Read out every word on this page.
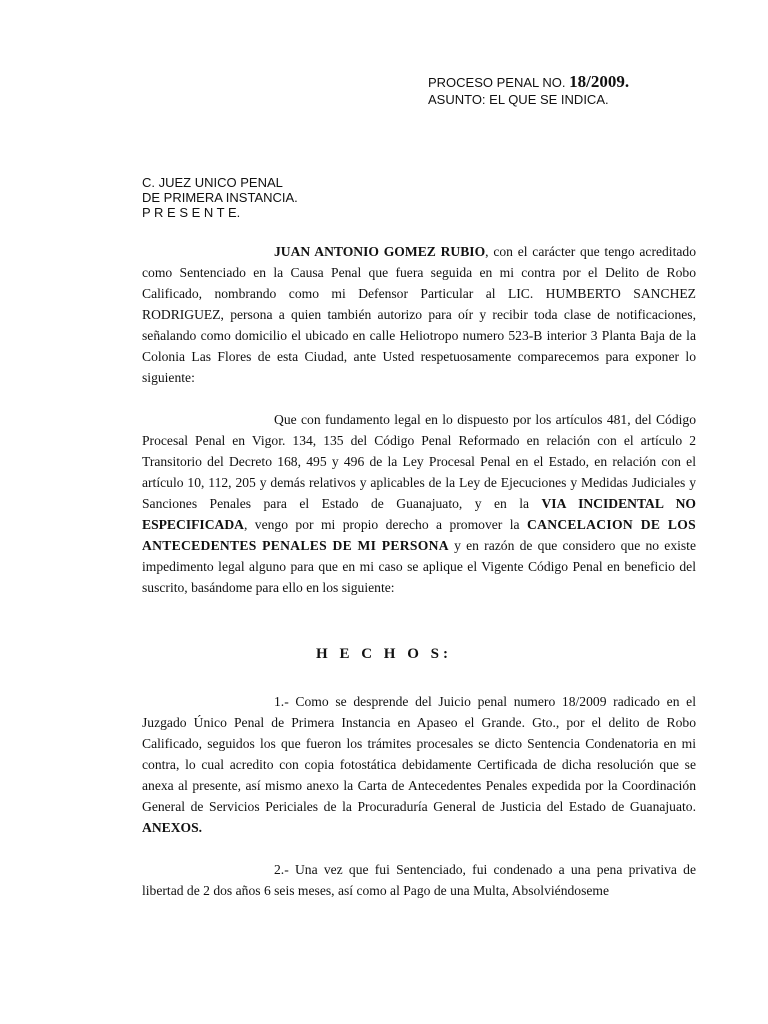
PROCESO PENAL NO. 18/2009.
ASUNTO: EL QUE SE INDICA.
C. JUEZ UNICO PENAL
DE PRIMERA INSTANCIA.
P R E S E N T E.
JUAN ANTONIO GOMEZ RUBIO, con el carácter que tengo acreditado como Sentenciado en la Causa Penal que fuera seguida en mi contra por el Delito de Robo Calificado, nombrando como mi Defensor Particular al LIC. HUMBERTO SANCHEZ RODRIGUEZ, persona a quien también autorizo para oír y recibir toda clase de notificaciones, señalando como domicilio el ubicado en calle Heliotropo numero 523-B interior 3 Planta Baja de la Colonia Las Flores de esta Ciudad, ante Usted respetuosamente comparecemos para exponer lo siguiente:
Que con fundamento legal en lo dispuesto por los artículos 481, del Código Procesal Penal en Vigor. 134, 135 del Código Penal Reformado en relación con el artículo 2 Transitorio del Decreto 168, 495 y 496 de la Ley Procesal Penal en el Estado, en relación con el artículo 10, 112, 205 y demás relativos y aplicables de la Ley de Ejecuciones y Medidas Judiciales y Sanciones Penales para el Estado de Guanajuato, y en la VIA INCIDENTAL NO ESPECIFICADA, vengo por mi propio derecho a promover la CANCELACION DE LOS ANTECEDENTES PENALES DE MI PERSONA y en razón de que considero que no existe impedimento legal alguno para que en mi caso se aplique el Vigente Código Penal en beneficio del suscrito, basándome para ello en los siguiente:
H E C H O S:
1.- Como se desprende del Juicio penal numero 18/2009 radicado en el Juzgado Único Penal de Primera Instancia en Apaseo el Grande. Gto., por el delito de Robo Calificado, seguidos los que fueron los trámites procesales se dicto Sentencia Condenatoria en mi contra, lo cual acredito con copia fotostática debidamente Certificada de dicha resolución que se anexa al presente, así mismo anexo la Carta de Antecedentes Penales expedida por la Coordinación General de Servicios Periciales de la Procuraduría General de Justicia del Estado de Guanajuato. ANEXOS.
2.- Una vez que fui Sentenciado, fui condenado a una pena privativa de libertad de 2 dos años 6 seis meses, así como al Pago de una Multa, Absolviéndoseme
